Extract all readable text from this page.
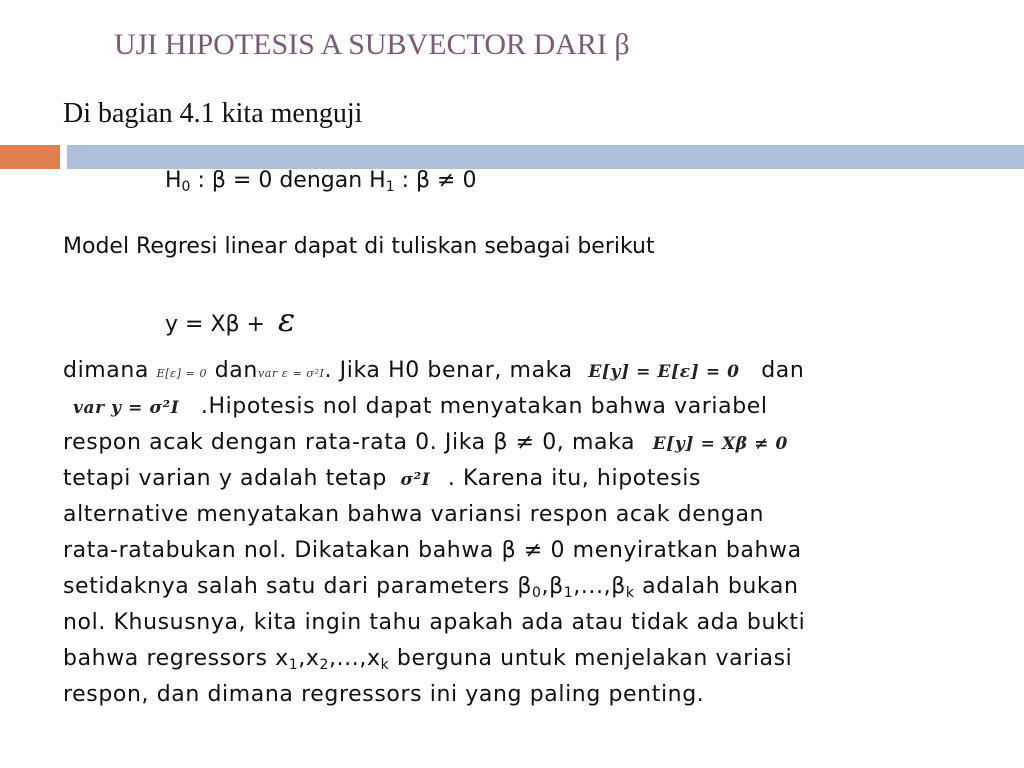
UJI HIPOTESIS A SUBVECTOR DARI β
Di bagian 4.1 kita menguji
$H_0$ : β = 0 dengan $H_1$ : β ≠ 0
Model Regresi linear dapat di tuliskan sebagai berikut
y = Xβ + ε
dimana E[ε] = 0 danvar ε = σ²I. Jika H0 benar, maka E[y] = E[ε] = 0 dan
var y = σ²I .Hipotesis nol dapat menyatakan bahwa variabel
respon acak dengan rata-rata 0. Jika β ≠ 0, maka E[y] = Xβ ≠ 0
tetapi varian y adalah tetap σ²I . Karena itu, hipotesis
alternative menyatakan bahwa variansi respon acak dengan
rata-ratabukan nol. Dikatakan bahwa β ≠ 0 menyiratkan bahwa
setidaknya salah satu dari parameters $\beta_0,\beta_1,...,\beta_k$ adalah bukan
nol. Khususnya, kita ingin tahu apakah ada atau tidak ada bukti
bahwa regressors $x_1,x_2,...,x_k$ berguna untuk menjelakan variasi
respon, dan dimana regressors ini yang paling penting.
